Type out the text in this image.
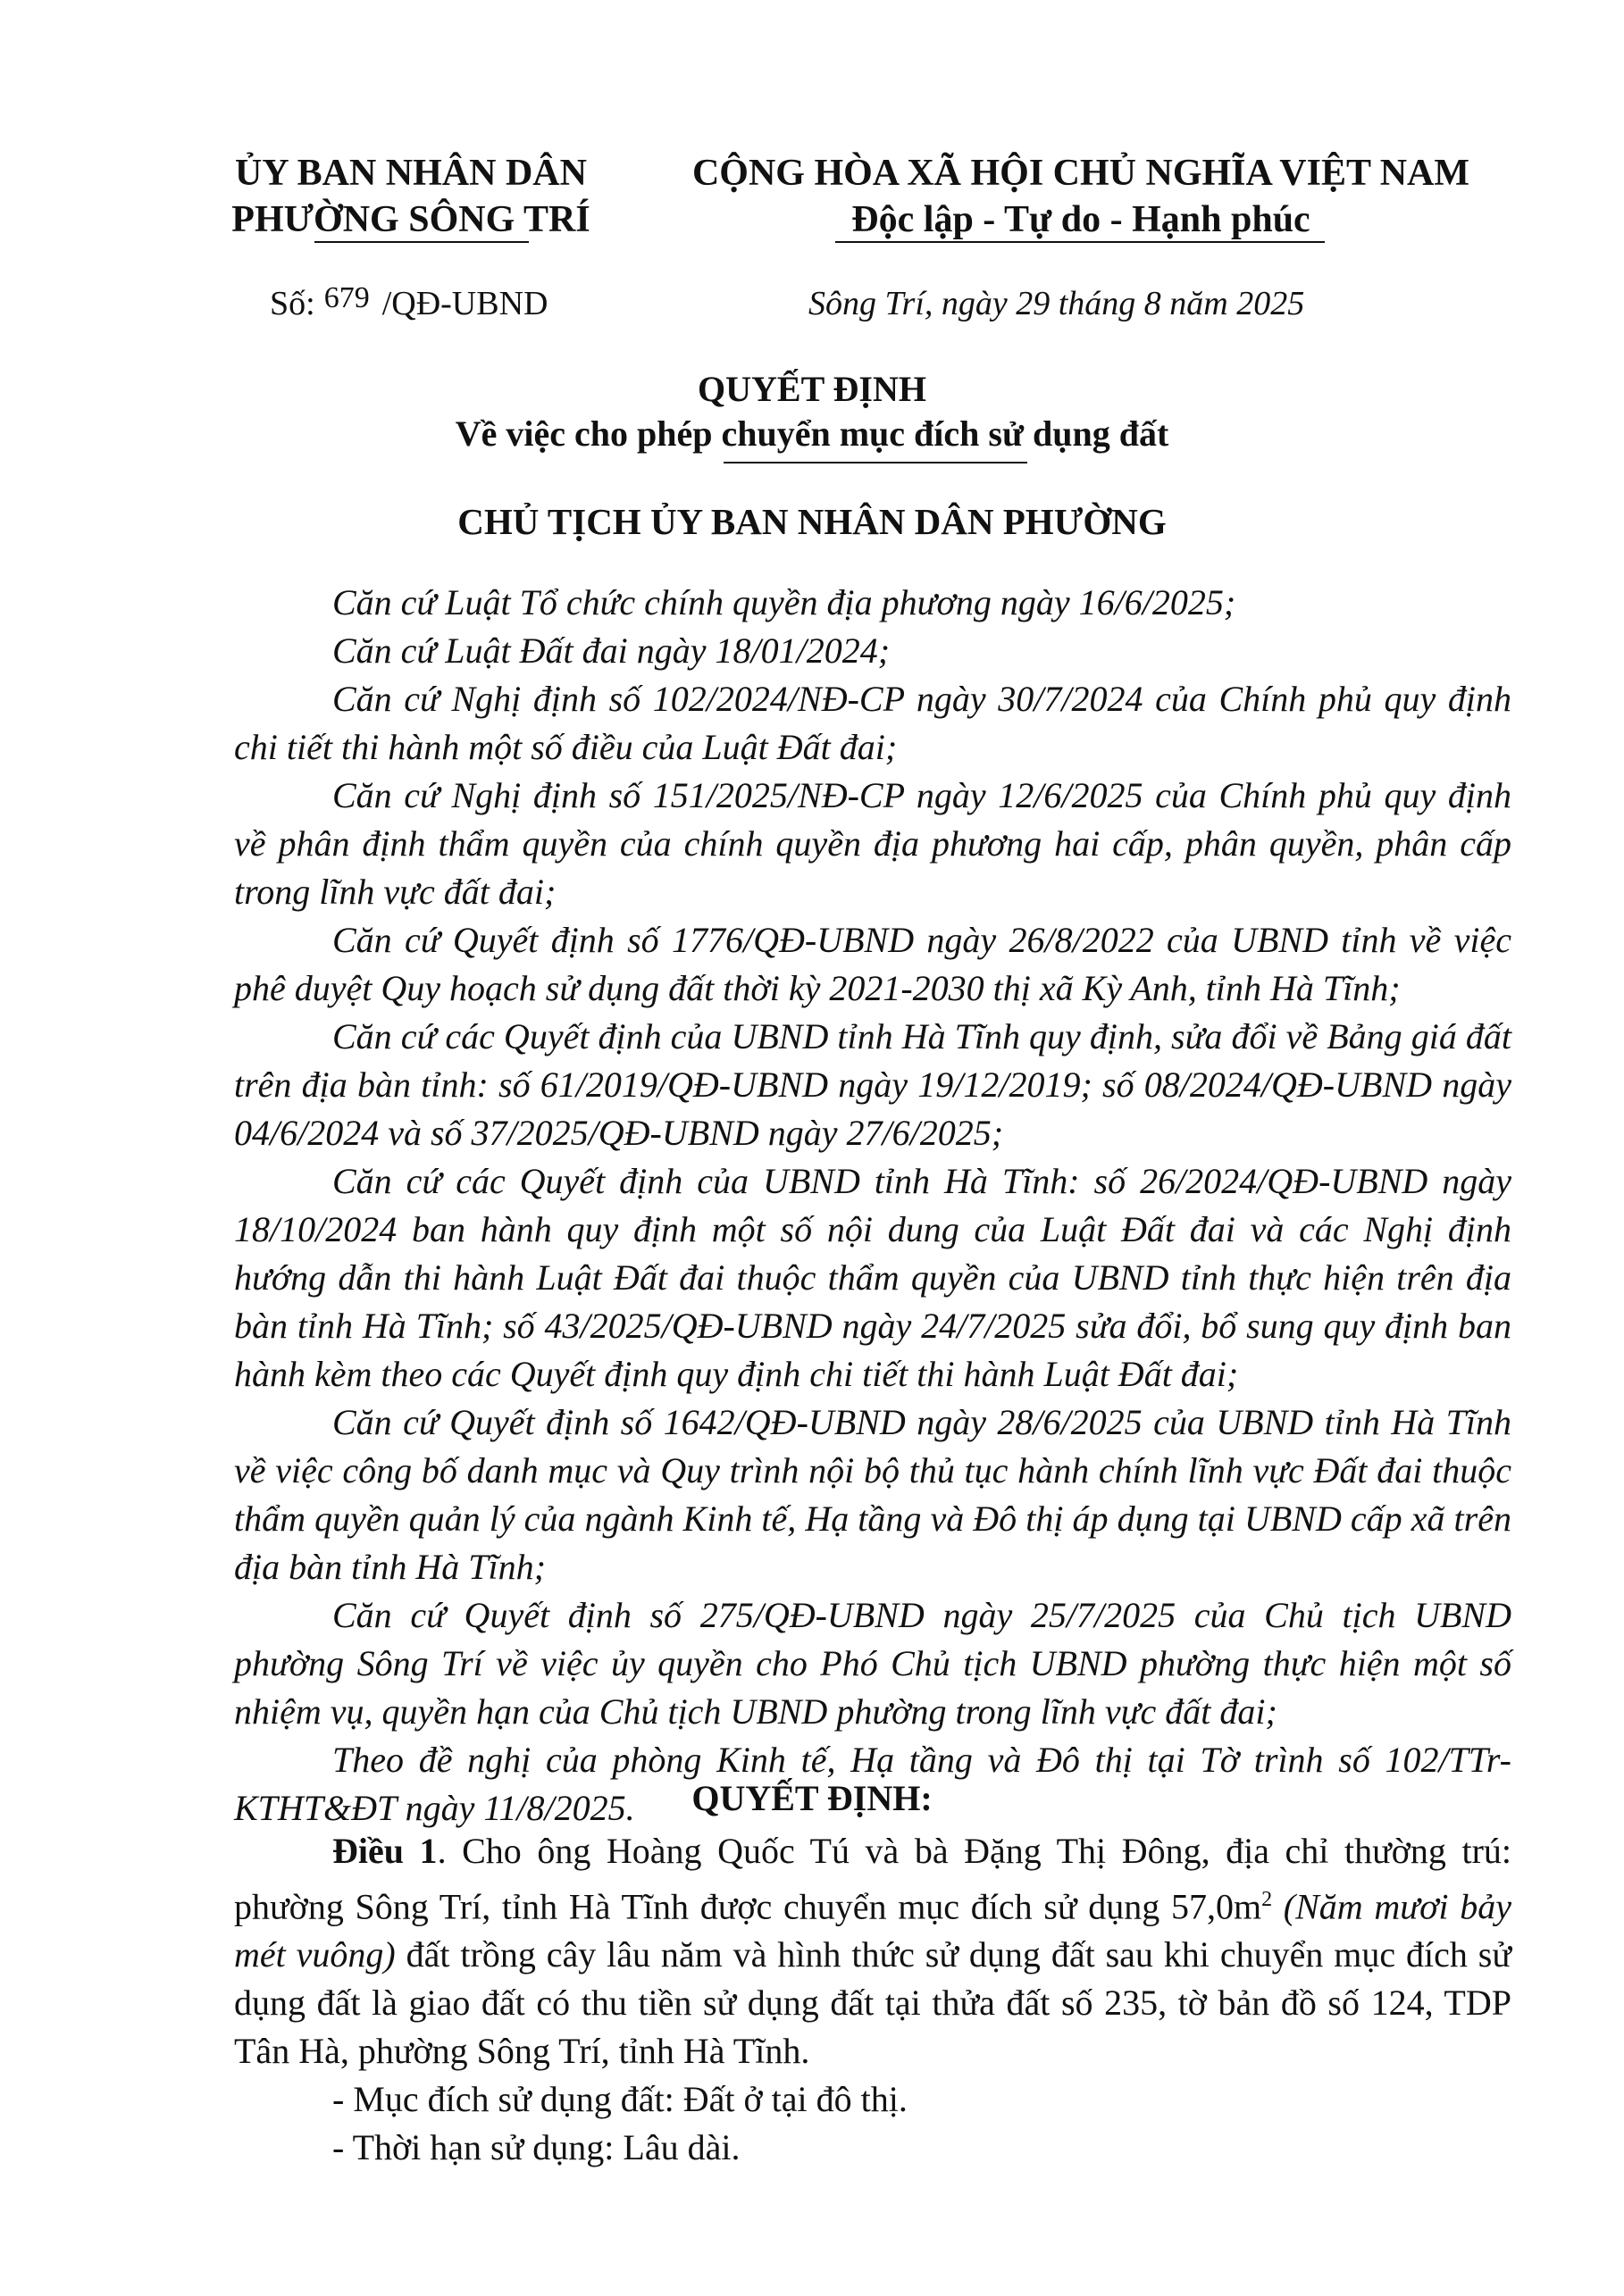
ỦY BAN NHÂN DÂN
PHƯỜNG SÔNG TRÍ
CỘNG HÒA XÃ HỘI CHỦ NGHĨA VIỆT NAM
Độc lập - Tự do - Hạnh phúc
Số: 679 /QĐ-UBND	Sông Trí, ngày 29 tháng 8 năm 2025
QUYẾT ĐỊNH
Về việc cho phép chuyển mục đích sử dụng đất
CHỦ TỊCH ỦY BAN NHÂN DÂN PHƯỜNG

Căn cứ Luật Tổ chức chính quyền địa phương ngày 16/6/2025;

Căn cứ Luật Đất đai ngày 18/01/2024;

Căn cứ Nghị định số 102/2024/NĐ-CP ngày 30/7/2024 của Chính phủ quy định chi tiết thi hành một số điều của Luật Đất đai;

Căn cứ Nghị định số 151/2025/NĐ-CP ngày 12/6/2025 của Chính phủ quy định về phân định thẩm quyền của chính quyền địa phương hai cấp, phân quyền, phân cấp trong lĩnh vực đất đai;

Căn cứ Quyết định số 1776/QĐ-UBND ngày 26/8/2022 của UBND tỉnh về việc phê duyệt Quy hoạch sử dụng đất thời kỳ 2021-2030 thị xã Kỳ Anh, tỉnh Hà Tĩnh;

Căn cứ các Quyết định của UBND tỉnh Hà Tĩnh quy định, sửa đổi về Bảng giá đất trên địa bàn tỉnh: số 61/2019/QĐ-UBND ngày 19/12/2019; số 08/2024/QĐ-UBND ngày 04/6/2024 và số 37/2025/QĐ-UBND ngày 27/6/2025;

Căn cứ các Quyết định của UBND tỉnh Hà Tĩnh: số 26/2024/QĐ-UBND ngày 18/10/2024 ban hành quy định một số nội dung của Luật Đất đai và các Nghị định hướng dẫn thi hành Luật Đất đai thuộc thẩm quyền của UBND tỉnh thực hiện trên địa bàn tỉnh Hà Tĩnh; số 43/2025/QĐ-UBND ngày 24/7/2025 sửa đổi, bổ sung quy định ban hành kèm theo các Quyết định quy định chi tiết thi hành Luật Đất đai;

Căn cứ Quyết định số 1642/QĐ-UBND ngày 28/6/2025 của UBND tỉnh Hà Tĩnh về việc công bố danh mục và Quy trình nội bộ thủ tục hành chính lĩnh vực Đất đai thuộc thẩm quyền quản lý của ngành Kinh tế, Hạ tầng và Đô thị áp dụng tại UBND cấp xã trên địa bàn tỉnh Hà Tĩnh;

Căn cứ Quyết định số 275/QĐ-UBND ngày 25/7/2025 của Chủ tịch UBND phường Sông Trí về việc ủy quyền cho Phó Chủ tịch UBND phường thực hiện một số nhiệm vụ, quyền hạn của Chủ tịch UBND phường trong lĩnh vực đất đai;

Theo đề nghị của phòng Kinh tế, Hạ tầng và Đô thị tại Tờ trình số 102/TTr-KTHT&ĐT ngày 11/8/2025.	QUYẾT ĐỊNH:

Điều 1. Cho ông Hoàng Quốc Tú và bà Đặng Thị Đông, địa chỉ thường trú: phường Sông Trí, tỉnh Hà Tĩnh được chuyển mục đích sử dụng $57,0m^2$ (Năm mươi bảy mét vuông) đất trồng cây lâu năm và hình thức sử dụng đất sau khi chuyển mục đích sử dụng đất là giao đất có thu tiền sử dụng đất tại thửa đất số 235, tờ bản đồ số 124, TDP Tân Hà, phường Sông Trí, tỉnh Hà Tĩnh.

- Mục đích sử dụng đất: Đất ở tại đô thị.

- Thời hạn sử dụng: Lâu dài.
